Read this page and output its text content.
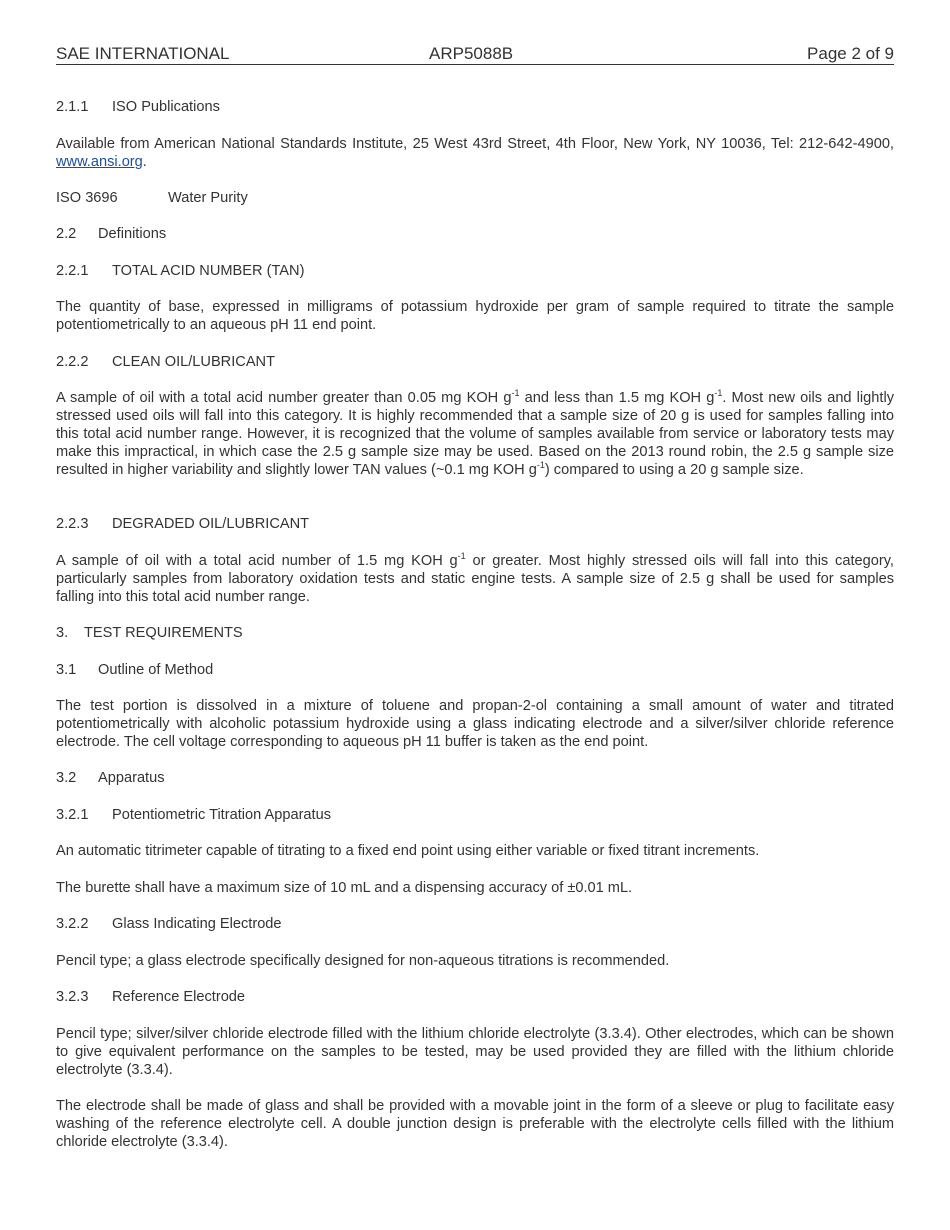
SAE INTERNATIONAL	ARP5088B	Page 2 of 9
2.1.1 ISO Publications
Available from American National Standards Institute, 25 West 43rd Street, 4th Floor, New York, NY 10036, Tel: 212-642-4900, www.ansi.org.
ISO 3696	Water Purity
2.2 Definitions
2.2.1 TOTAL ACID NUMBER (TAN)
The quantity of base, expressed in milligrams of potassium hydroxide per gram of sample required to titrate the sample potentiometrically to an aqueous pH 11 end point.
2.2.2 CLEAN OIL/LUBRICANT
A sample of oil with a total acid number greater than 0.05 mg KOH $g^{-1}$ and less than 1.5 mg KOH $g^{-1}$. Most new oils and lightly stressed used oils will fall into this category. It is highly recommended that a sample size of 20 g is used for samples falling into this total acid number range. However, it is recognized that the volume of samples available from service or laboratory tests may make this impractical, in which case the 2.5 g sample size may be used. Based on the 2013 round robin, the 2.5 g sample size resulted in higher variability and slightly lower TAN values (~0.1 mg KOH $g^{-1}$) compared to using a 20 g sample size.
2.2.3 DEGRADED OIL/LUBRICANT
A sample of oil with a total acid number of 1.5 mg KOH $g^{-1}$ or greater. Most highly stressed oils will fall into this category, particularly samples from laboratory oxidation tests and static engine tests. A sample size of 2.5 g shall be used for samples falling into this total acid number range.
3. TEST REQUIREMENTS
3.1 Outline of Method
The test portion is dissolved in a mixture of toluene and propan-2-ol containing a small amount of water and titrated potentiometrically with alcoholic potassium hydroxide using a glass indicating electrode and a silver/silver chloride reference electrode. The cell voltage corresponding to aqueous pH 11 buffer is taken as the end point.
3.2 Apparatus
3.2.1 Potentiometric Titration Apparatus
An automatic titrimeter capable of titrating to a fixed end point using either variable or fixed titrant increments.
The burette shall have a maximum size of 10 mL and a dispensing accuracy of ±0.01 mL.
3.2.2 Glass Indicating Electrode
Pencil type; a glass electrode specifically designed for non-aqueous titrations is recommended.
3.2.3 Reference Electrode
Pencil type; silver/silver chloride electrode filled with the lithium chloride electrolyte (3.3.4). Other electrodes, which can be shown to give equivalent performance on the samples to be tested, may be used provided they are filled with the lithium chloride electrolyte (3.3.4).
The electrode shall be made of glass and shall be provided with a movable joint in the form of a sleeve or plug to facilitate easy washing of the reference electrolyte cell. A double junction design is preferable with the electrolyte cells filled with the lithium chloride electrolyte (3.3.4).
